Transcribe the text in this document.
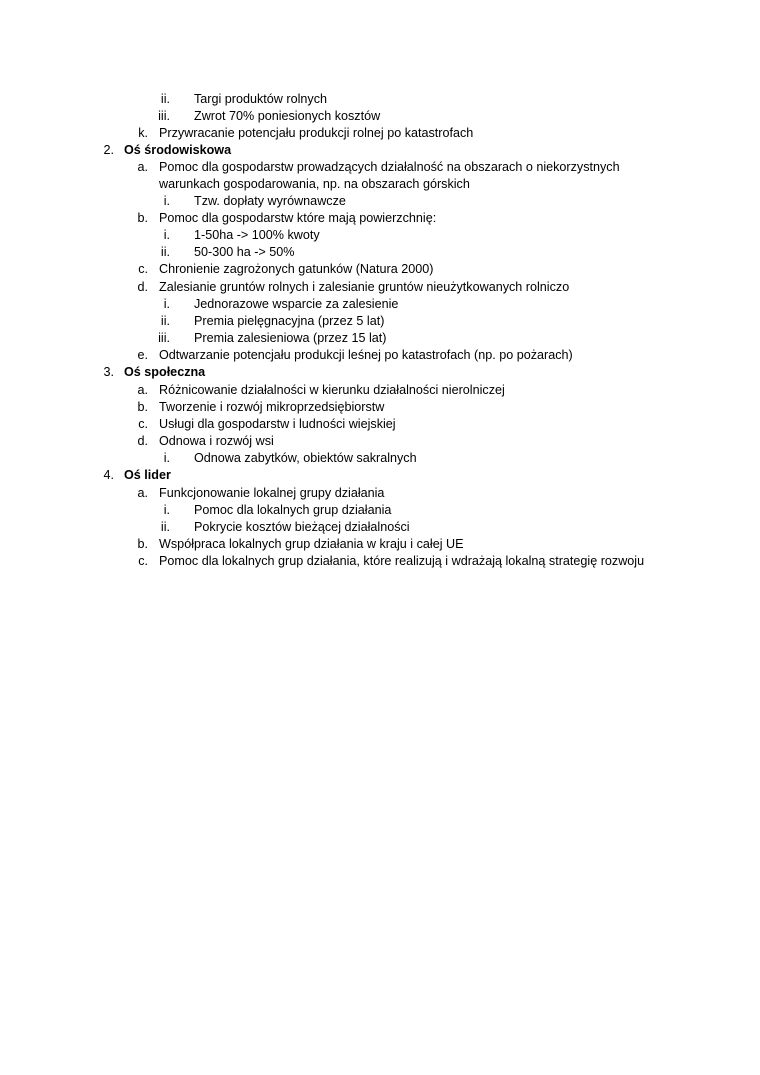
ii. Targi produktów rolnych
iii. Zwrot 70% poniesionych kosztów
k. Przywracanie potencjału produkcji rolnej po katastrofach
2. Oś środowiskowa
a. Pomoc dla gospodarstw prowadzących działalność na obszarach o niekorzystnych
warunkach gospodarowania, np. na obszarach górskich
i. Tzw. dopłaty wyrównawcze
b. Pomoc dla gospodarstw które mają powierzchnię:
i. 1-50ha -> 100% kwoty
ii. 50-300 ha -> 50%
c. Chronienie zagrożonych gatunków (Natura 2000)
d. Zalesianie gruntów rolnych i zalesianie gruntów nieużytkowanych rolniczo
i. Jednorazowe wsparcie za zalesienie
ii. Premia pielęgnacyjna (przez 5 lat)
iii. Premia zalesieniowa (przez 15 lat)
e. Odtwarzanie potencjału produkcji leśnej po katastrofach (np. po pożarach)
3. Oś społeczna
a. Różnicowanie działalności w kierunku działalności nierolniczej
b. Tworzenie i rozwój mikroprzedsiębiorstw
c. Usługi dla gospodarstw i ludności wiejskiej
d. Odnowa i rozwój wsi
i. Odnowa zabytków, obiektów sakralnych
4. Oś lider
a. Funkcjonowanie lokalnej grupy działania
i. Pomoc dla lokalnych grup działania
ii. Pokrycie kosztów bieżącej działalności
b. Współpraca lokalnych grup działania w kraju i całej UE
c. Pomoc dla lokalnych grup działania, które realizują i wdrażają lokalną strategię rozwoju
